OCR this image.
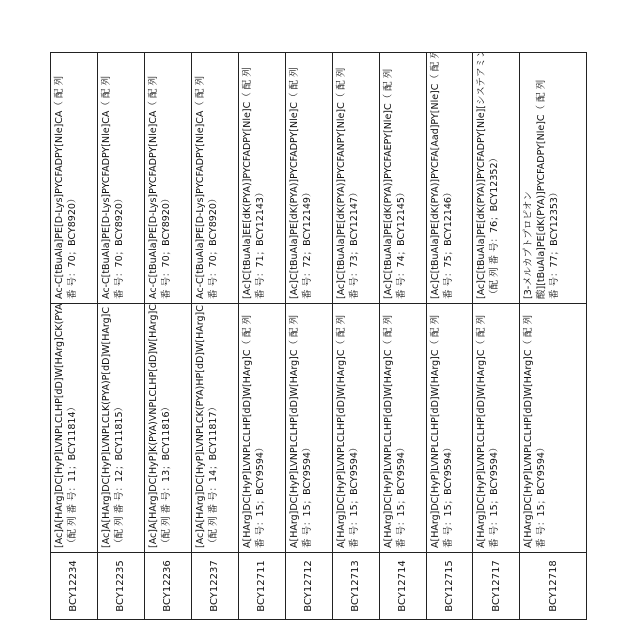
BCY12234	
[Ac]A[HArg]DC[HyP]LVNPLCLHP[dD]W[HArg]CK(PYA) （配 列 番 号：11；BCY11814）

Ac-C[tBuAla]PE[D-Lys]PYCFADPY[Nle]CA（ 配 列 番 号：70；BCY8920）

BCY12235	
[Ac]A[HArg]DC[HyP]LVNPLCLK(PYA)P[dD]W[HArg]C （配 列 番 号：12；BCY11815）

Ac-C[tBuAla]PE[D-Lys]PYCFADPY[Nle]CA（ 配 列 番 号：70；BCY8920）

BCY12236	
[Ac]A[HArg]DC[HyP]K(PYA)VNPLCLHP[dD]W[HArg]C （配 列 番 号：13；BCY11816）

Ac-C[tBuAla]PE[D-Lys]PYCFADPY[Nle]CA（ 配 列 番 号：70；BCY8920）

BCY12237	
[Ac]A[HArg]DC[HyP]LVNPLCK(PYA)HP[dD]W[HArg]C （配 列 番 号：14；BCY11817）

Ac-C[tBuAla]PE[D-Lys]PYCFADPY[Nle]CA（ 配 列 番 号：70；BCY8920）

BCY12711	
A[HArg]DC[HyP]LVNPLCLHP[dD]W[HArg]C（ 配 列 番 号：15；BCY9594）

[Ac]C[tBuAla]EE[dK(PYA)]PYCFADPY[Nle]C（ 配 列 番 号：71；BCY12143）

BCY12712	
A[HArg]DC[HyP]LVNPLCLHP[dD]W[HArg]C（ 配 列 番 号：15；BCY9594）

[Ac]C[tBuAla]PE[dK(PYA)]PYCFADPY[Nle]C（ 配 列 番 号：72；BCY12149）

BCY12713	
A[HArg]DC[HyP]LVNPLCLHP[dD]W[HArg]C（ 配 列 番 号：15；BCY9594）

[Ac]C[tBuAla]PE[dK(PYA)]PYCFANPY[Nle]C（ 配 列 番 号：73；BCY12147）

BCY12714	
A[HArg]DC[HyP]LVNPLCLHP[dD]W[HArg]C（ 配 列 番 号：15；BCY9594）

[Ac]C[tBuAla]PE[dK(PYA)]PYCFAEPY[Nle]C（ 配 列 番 号：74；BCY12145）

BCY12715	
A[HArg]DC[HyP]LVNPLCLHP[dD]W[HArg]C（ 配 列 番 号：15；BCY9594）

[Ac]C[tBuAla]PE[dK(PYA)]PYCFA[Aad]PY[Nle]C（ 配 列 番 号：75；BCY12146）

BCY12717	
A[HArg]DC[HyP]LVNPLCLHP[dD]W[HArg]C（ 配 列 番 号：15；BCY9594）

[Ac]C[tBuAla]PE[dK(PYA)]PYCFADPY[Nle][システアミン] （配 列 番 号：76；BCY12352）

BCY12718	
A[HArg]DC[HyP]LVNPLCLHP[dD]W[HArg]C（ 配 列 番 号：15；BCY9594）

[3-メルカプトプロピオン 酸][tBuAla]PE[dK(PYA)]PYCFADPY[Nle]C（ 配 列 番 号：77；BCY12353）
